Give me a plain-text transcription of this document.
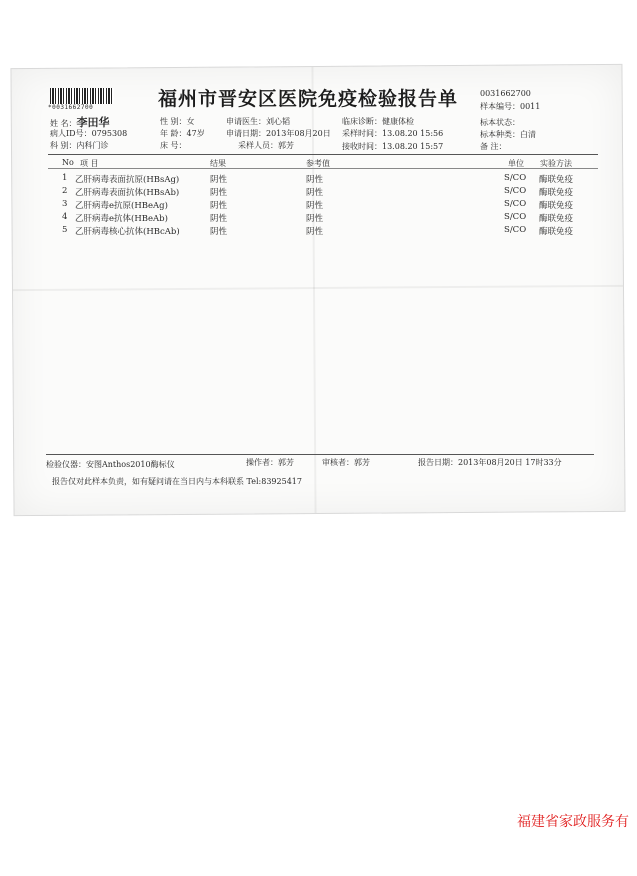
*0031662700	福州市晋安区医院免疫检验报告单	0031662700
样本编号：0011
标本状态：
标本种类：白清
备 注：
姓 名：李田华
病人ID号：0795308
科 别：内科门诊
性 别：女
年 龄：47岁
床 号：
申请医生：刘心韬
申请日期：2013年08月20日
采样人员：郭芳
临床诊断：健康体检
采样时间：13.08.20 15:56
接收时间：13.08.20 15:57
No 项 目	结果	参考值	单位 实验方法
1 乙肝病毒表面抗原(HBsAg)	阴性	阴性	S/CO 酶联免疫
2 乙肝病毒表面抗体(HBsAb)	阴性	阴性	S/CO 酶联免疫
3 乙肝病毒e抗原(HBeAg)	阴性	阴性	S/CO 酶联免疫
4 乙肝病毒e抗体(HBeAb)	阴性	阴性	S/CO 酶联免疫
5 乙肝病毒核心抗体(HBcAb)	阴性	阴性	S/CO 酶联免疫
检验仪器：安图Anthos2010酶标仪	操作者：郭芳	审核者：郭芳	报告日期：2013年08月20日 17时33分
报告仅对此样本负责，如有疑问请在当日内与本科联系 Tel:83925417
福建省家政服务有
